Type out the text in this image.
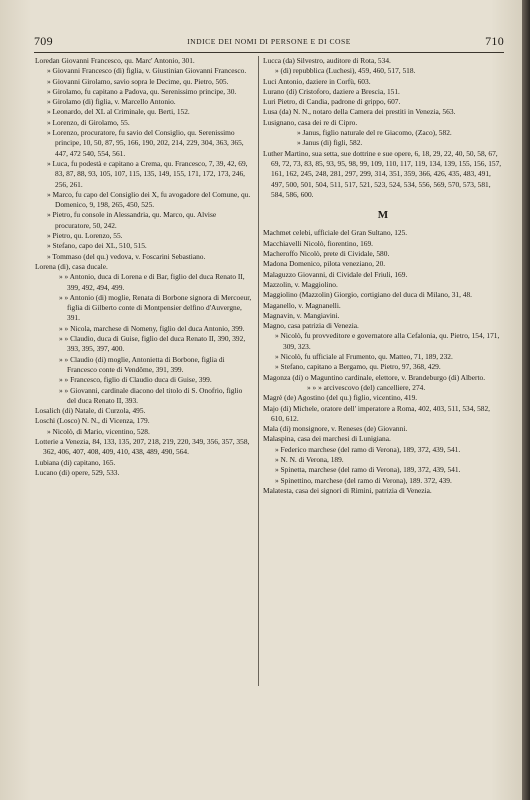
709	INDICE DEI NOMI DI PERSONE E DI COSE	710
Loredan Giovanni Francesco, qu. Marc' Antonio, 301.
» Giovanni Francesco (di) figlia, v. Giustinian Giovanni Francesco.
» Giovanni Girolamo, savio sopra le Decime, qu. Pietro, 505.
» Girolamo, fu capitano a Padova, qu. Serenissimo principe, 30.
» Girolamo (di) figlia, v. Marcello Antonio.
» Leonardo, del XL al Criminale, qu. Berti, 152.
» Lorenzo, di Girolamo, 55.
» Lorenzo, procuratore, fu savio del Consiglio, qu. Serenissimo principe, 10, 50, 87, 95, 166, 190, 202, 214, 229, 304, 363, 365, 447, 472 540, 554, 561.
» Luca, fu podestà e capitano a Crema, qu. Francesco, 7, 39, 42, 69, 83, 87, 88, 93, 105, 107, 115, 135, 149, 155, 171, 172, 173, 246, 256, 261.
» Marco, fu capo del Consiglio dei X, fu avogadore del Comune, qu. Domenico, 9, 198, 265, 450, 525.
» Pietro, fu console in Alessandria, qu. Marco, qu. Alvise procuratore, 50, 242.
» Pietro, qu. Lorenzo, 55.
» Stefano, capo dei XL, 510, 515.
» Tommaso (del qu.) vedova, v. Foscarini Sebastiano.
Lorena (di), casa ducale.
» » Antonio, duca di Lorena e di Bar, figlio del duca Renato II, 399, 492, 494, 499.
» » Antonio (di) moglie, Renata di Borbone signora di Mercoeur, figlia di Gilberto conte di Montpensier delfino d'Auvergne, 391.
» » Nicola, marchese di Nomeny, figlio del duca Antonio, 399.
» » Claudio, duca di Guise, figlio del duca Renato II, 390, 392, 393, 395, 397, 400.
» » Claudio (di) moglie, Antonietta di Borbone, figlia di Francesco conte di Vendôme, 391, 399.
» » Francesco, figlio di Claudio duca di Guise, 399.
» » Giovanni, cardinale diacono del titolo di S. Onofrio, figlio del duca Renato II, 393.
Losalich (di) Natale, di Curzola, 495.
Loschi (Losco) N. N., di Vicenza, 179.
» Nicolò, di Mario, vicentino, 528.
Lotterie a Venezia, 84, 133, 135, 207, 218, 219, 220, 349, 356, 357, 358, 362, 406, 407, 408, 409, 410, 438, 489, 490, 564.
Lubiana (di) capitano, 165.
Lucano (di) opere, 529, 533.
Lucca (da) Silvestro, auditore di Rota, 534.
» (di) repubblica (Luchesi), 459, 460, 517, 518.
Luci Antonio, daziere in Corfù, 603.
Lurano (di) Cristoforo, daziere a Brescia, 151.
Luri Pietro, di Candia, padrone di grippo, 607.
Lusa (da) N. N., notaro della Camera dei prestiti in Venezia, 563.
Lusignano, casa dei re di Cipro.
» Janus, figlio naturale del re Giacomo, (Zaco), 582.
» Janus (di) figli, 582.
Luther Martino, sua setta, sue dottrine e sue opere, 6, 18, 29, 22, 40, 50, 58, 67, 69, 72, 73, 83, 85, 93, 95, 98, 99, 109, 110, 117, 119, 134, 139, 155, 156, 157, 161, 162, 245, 248, 281, 297, 299, 314, 351, 359, 366, 426, 435, 483, 491, 497, 500, 501, 504, 511, 517, 521, 523, 524, 534, 556, 569, 570, 573, 581, 584, 586, 600.
M
Machmet celebi, ufficiale del Gran Sultano, 125.
Macchiavelli Nicolò, fiorentino, 169.
Macheroffo Nicolò, prete di Cividale, 580.
Madona Domenico, pilota veneziano, 20.
Malaguzzo Giovanni, di Cividale del Friuli, 169.
Mazzolin, v. Maggiolino.
Maggiolino (Mazzolin) Giorgio, cortigiano del duca di Milano, 31, 48.
Maganello, v. Magnanelli.
Magnavin, v. Mangiavini.
Magno, casa patrizia di Venezia.
» Nicolò, fu provveditore e governatore alla Cefalonia, qu. Pietro, 154, 171, 309, 323.
» Nicolò, fu ufficiale al Frumento, qu. Matteo, 71, 189, 232.
» Stefano, capitano a Bergamo, qu. Pietro, 97, 368, 429.
Magonza (di) o Maguntino cardinale, elettore, v. Brandeburgo (di) Alberto.
» » » arcivescovo (del) cancelliere, 274.
Magrè (de) Agostino (del qu.) figlio, vicentino, 419.
Majo (di) Michele, oratore dell' imperatore a Roma, 402, 403, 511, 534, 582, 610, 612.
Mala (di) monsignore, v. Reneses (de) Giovanni.
Malaspina, casa dei marchesi di Lunigiana.
» Federico marchese (del ramo di Verona), 189, 372, 439, 541.
» N. N. di Verona, 189.
» Spinetta, marchese (del ramo di Verona), 189, 372, 439, 541.
» Spinettino, marchese (del ramo di Verona), 189. 372, 439.
Malatesta, casa dei signori di Rimini, patrizia di Venezia.
